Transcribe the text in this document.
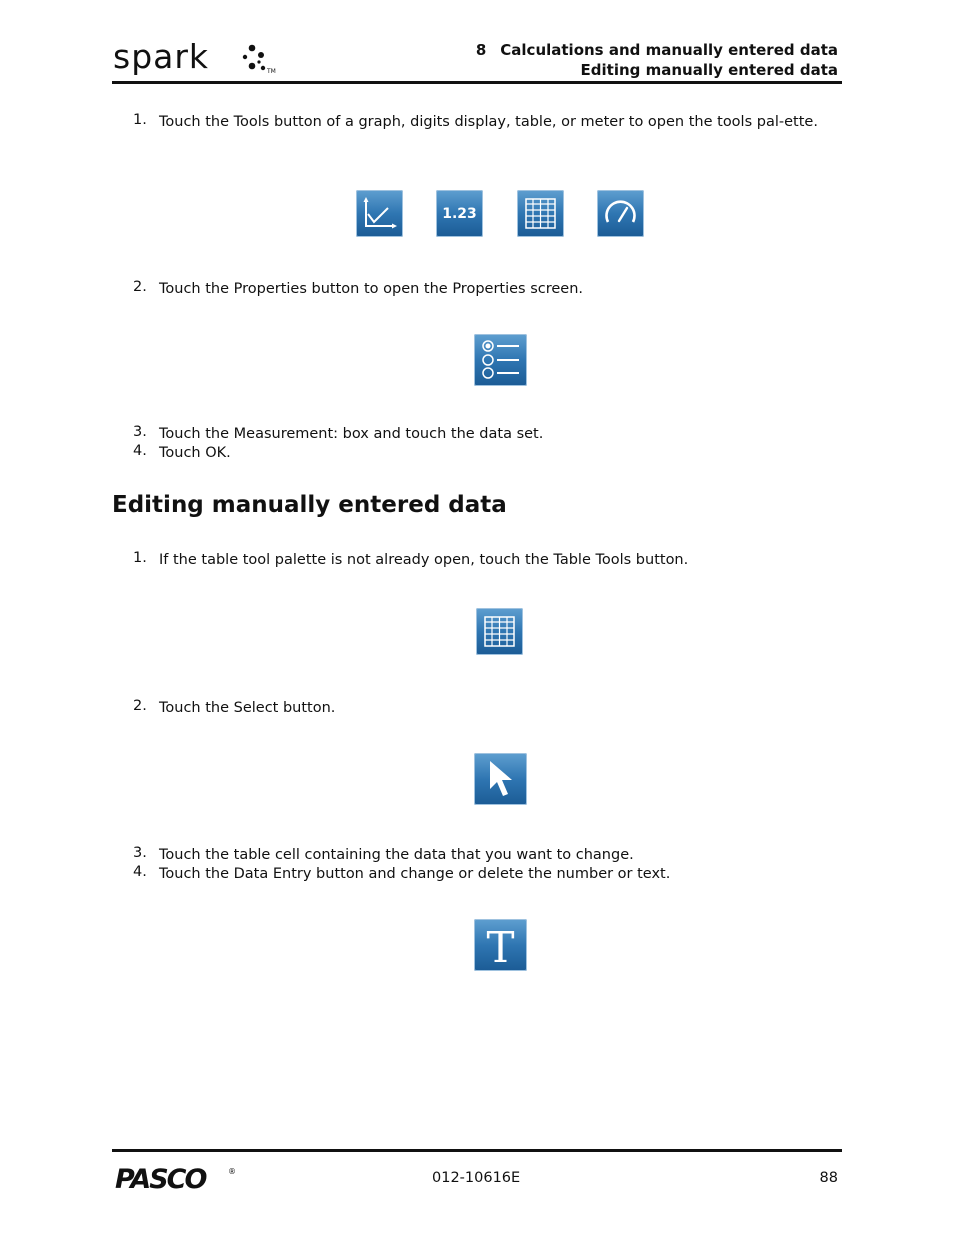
spark	TM
8 Calculations and manually entered data
Editing manually entered data
1. Touch the Tools button of a graph, digits display, table, or meter to open the tools pal-ette.
1.23
2. Touch the Properties button to open the Properties screen.
3. Touch the Measurement: box and touch the data set.
4. Touch OK.
Editing manually entered data
1. If the table tool palette is not already open, touch the Table Tools button.
2. Touch the Select button.
3. Touch the table cell containing the data that you want to change.
4. Touch the Data Entry button and change or delete the number or text.
T
PASCO	®	012-10616E	88
